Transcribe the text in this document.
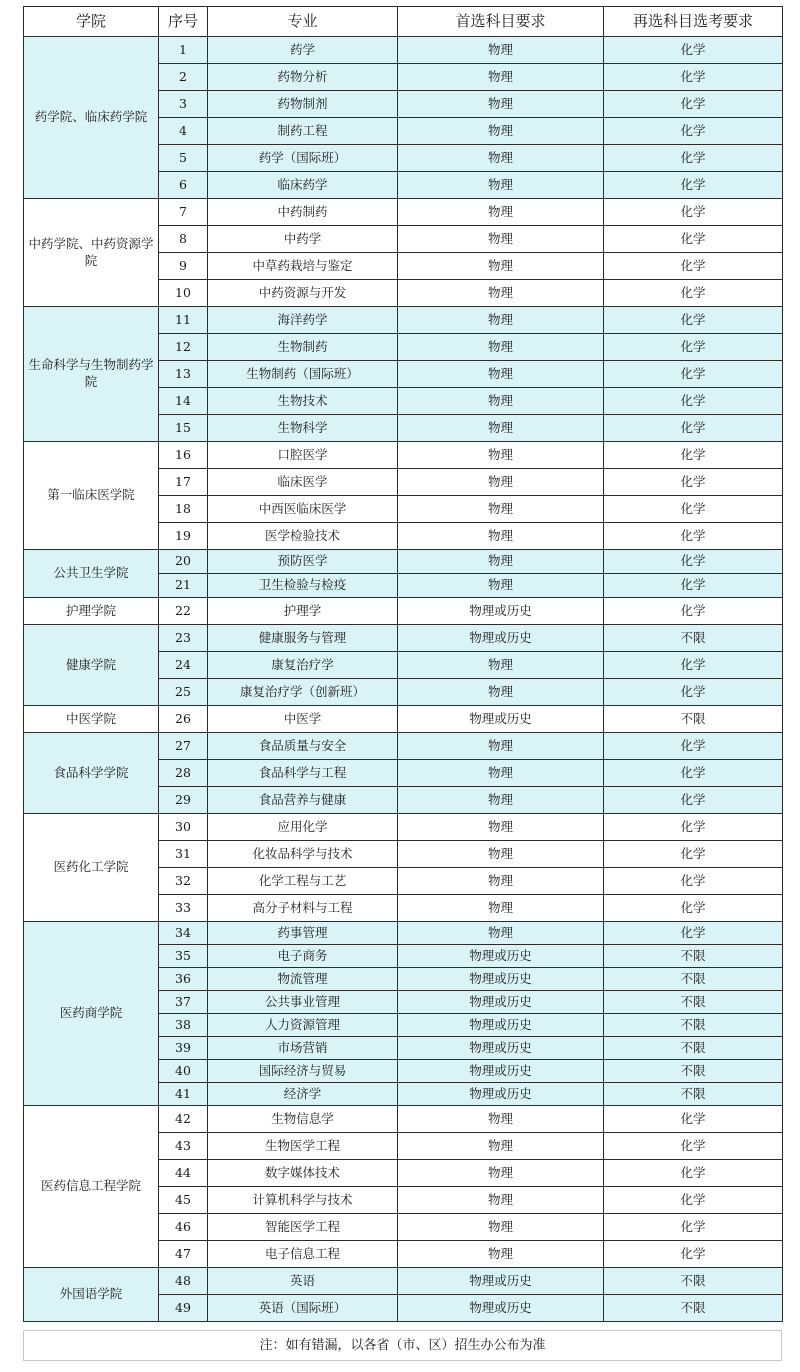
学院	序号	专业	首选科目要求	再选科目选考要求
药学院、临床药学院	1	药学	物理	化学
	2	药物分析	物理	化学
	3	药物制剂	物理	化学
	4	制药工程	物理	化学
	5	药学（国际班）	物理	化学
	6	临床药学	物理	化学
中药学院、中药资源学院	7	中药制药	物理	化学
	8	中药学	物理	化学
	9	中草药栽培与鉴定	物理	化学
	10	中药资源与开发	物理	化学
生命科学与生物制药学院	11	海洋药学	物理	化学
	12	生物制药	物理	化学
	13	生物制药（国际班）	物理	化学
	14	生物技术	物理	化学
	15	生物科学	物理	化学
第一临床医学院	16	口腔医学	物理	化学
	17	临床医学	物理	化学
	18	中西医临床医学	物理	化学
	19	医学检验技术	物理	化学
公共卫生学院	20	预防医学	物理	化学
	21	卫生检验与检疫	物理	化学
护理学院	22	护理学	物理或历史	化学
健康学院	23	健康服务与管理	物理或历史	不限
	24	康复治疗学	物理	化学
	25	康复治疗学（创新班）	物理	化学
中医学院	26	中医学	物理或历史	不限
食品科学学院	27	食品质量与安全	物理	化学
	28	食品科学与工程	物理	化学
	29	食品营养与健康	物理	化学
医药化工学院	30	应用化学	物理	化学
	31	化妆品科学与技术	物理	化学
	32	化学工程与工艺	物理	化学
	33	高分子材料与工程	物理	化学
医药商学院	34	药事管理	物理	化学
	35	电子商务	物理或历史	不限
	36	物流管理	物理或历史	不限
	37	公共事业管理	物理或历史	不限
	38	人力资源管理	物理或历史	不限
	39	市场营销	物理或历史	不限
	40	国际经济与贸易	物理或历史	不限
	41	经济学	物理或历史	不限
医药信息工程学院	42	生物信息学	物理	化学
	43	生物医学工程	物理	化学
	44	数字媒体技术	物理	化学
	45	计算机科学与技术	物理	化学
	46	智能医学工程	物理	化学
	47	电子信息工程	物理	化学
外国语学院	48	英语	物理或历史	不限
	49	英语（国际班）	物理或历史	不限
注：如有错漏，以各省（市、区）招生办公布为准
